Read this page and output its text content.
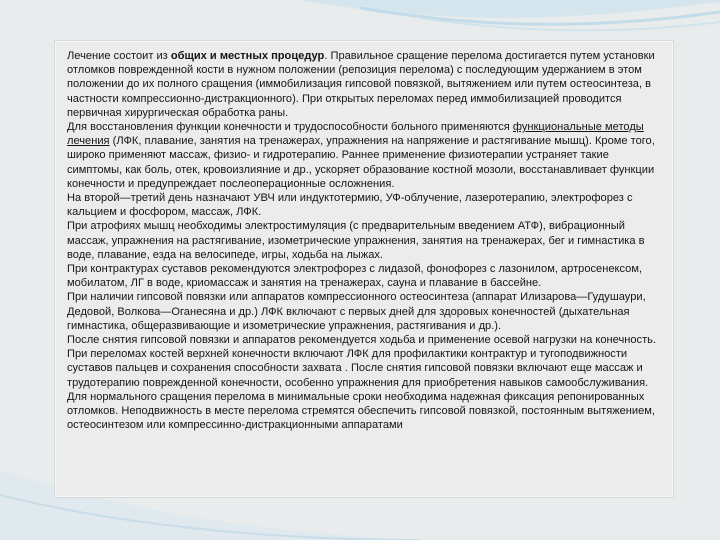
Лечение состоит из общих и местных процедур. Правильное сращение перелома достигается путем установки отломков поврежденной кости в нужном положении (репозиция перелома) с последующим удержанием в этом положении до их полного сращения (иммобилизация гипсовой повязкой, вытяжением или путем остеосинтеза, в частности компрессионно-дистракционного). При открытых переломах перед иммобилизацией проводится первичная хирургическая обработка раны.

Для восстановления функции конечности и трудоспособности больного применяются функциональные методы лечения (ЛФК, плавание, занятия на тренажерах, упражнения на напряжение и растягивание мышц). Кроме того, широко применяют массаж, физио- и гидротерапию. Раннее применение физиотерапии устраняет такие симптомы, как боль, отек, кровоизлияние и др., ускоряет образование костной мозоли, восстанавливает функции конечности и предупреждает послеоперационные осложнения.

На второй—третий день назначают УВЧ или индуктотермию, УФ-облучение, лазеротерапию, электрофорез с кальцием и фосфором, массаж, ЛФК.

При атрофиях мышц необходимы электростимуляция (с предварительным введением АТФ), вибрационный массаж, упражнения на растягивание, изометрические упражнения, занятия на тренажерах, бег и гимнастика в воде, плавание, езда на велосипеде, игры, ходьба на лыжах.

При контрактурах суставов рекомендуются электрофорез с лидазой, фонофорез с лазонилом, артросенексом, мобилатом, ЛГ в воде, криомассаж и занятия на тренажерах, сауна и плавание в бассейне.

При наличии гипсовой повязки или аппаратов компрессионного остеосинтеза (аппарат Илизарова—Гудушаури, Дедовой, Волкова—Оганесяна и др.) ЛФК включают с первых дней для здоровых конечностей (дыхательная гимнастика, общеразвивающие и изометрические упражнения, растягивания и др.).

После снятия гипсовой повязки и аппаратов рекомендуется ходьба и применение осевой нагрузки на конечность.

При переломах костей верхней конечности включают ЛФК для профилактики контрактур и тугоподвижности суставов пальцев и сохранения способности захвата . После снятия гипсовой повязки включают еще массаж и трудотерапию поврежденной конечности, особенно упражнения для приобретения навыков самообслуживания.

Для нормального сращения перелома в минимальные сроки необходима надежная фиксация репонированных отломков. Неподвижность в месте перелома стремятся обеспечить гипсовой повязкой, постоянным вытяжением, остеосинтезом или компрессинно-дистракционными аппаратами
